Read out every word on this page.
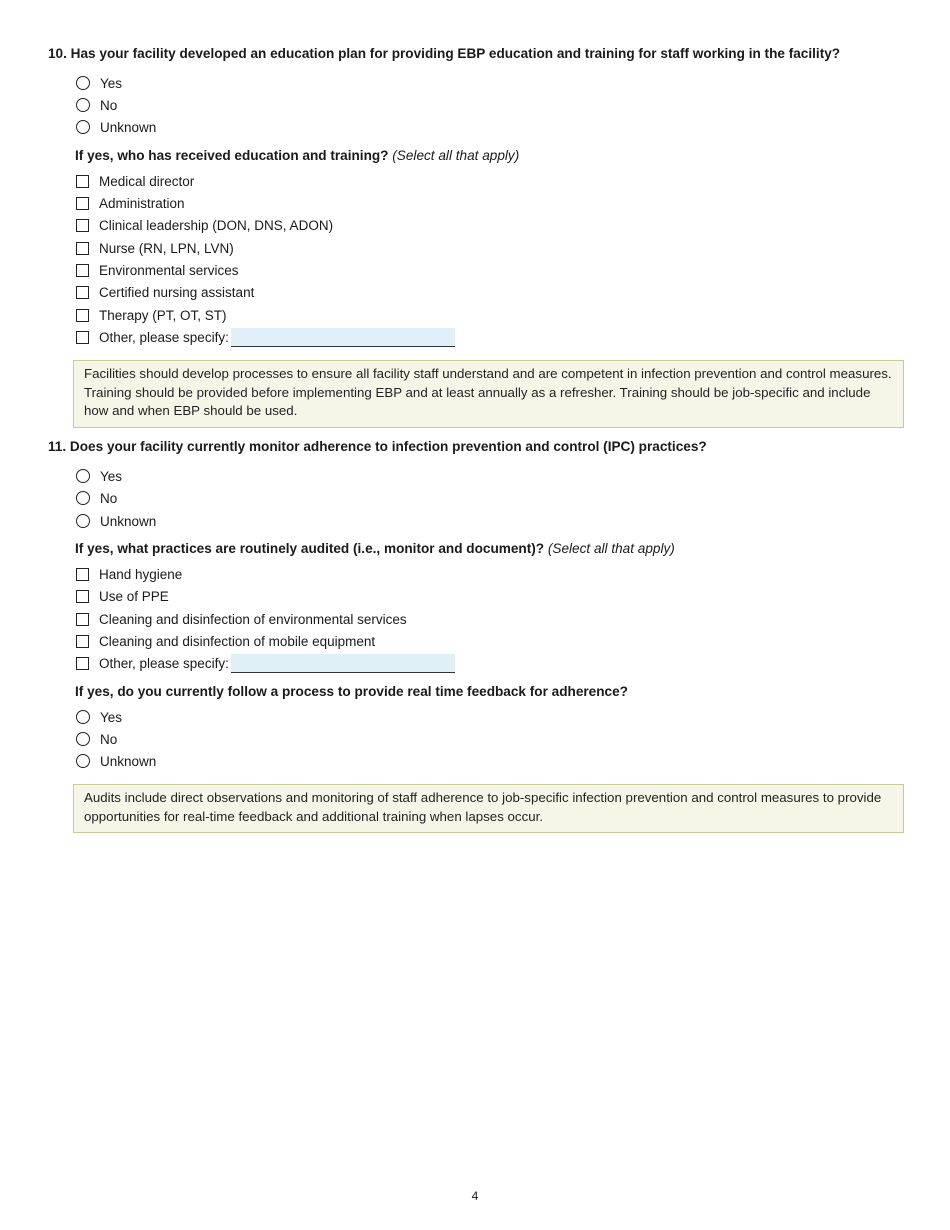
10. Has your facility developed an education plan for providing EBP education and training for staff working in the facility?
Yes
No
Unknown
If yes, who has received education and training? (Select all that apply)
Medical director
Administration
Clinical leadership (DON, DNS, ADON)
Nurse (RN, LPN, LVN)
Environmental services
Certified nursing assistant
Therapy (PT, OT, ST)
Other, please specify:
Facilities should develop processes to ensure all facility staff understand and are competent in infection prevention and control measures. Training should be provided before implementing EBP and at least annually as a refresher. Training should be job-specific and include how and when EBP should be used.
11. Does your facility currently monitor adherence to infection prevention and control (IPC) practices?
Yes
No
Unknown
If yes, what practices are routinely audited (i.e., monitor and document)? (Select all that apply)
Hand hygiene
Use of PPE
Cleaning and disinfection of environmental services
Cleaning and disinfection of mobile equipment
Other, please specify:
If yes, do you currently follow a process to provide real time feedback for adherence?
Yes
No
Unknown
Audits include direct observations and monitoring of staff adherence to job-specific infection prevention and control measures to provide opportunities for real-time feedback and additional training when lapses occur.
4
